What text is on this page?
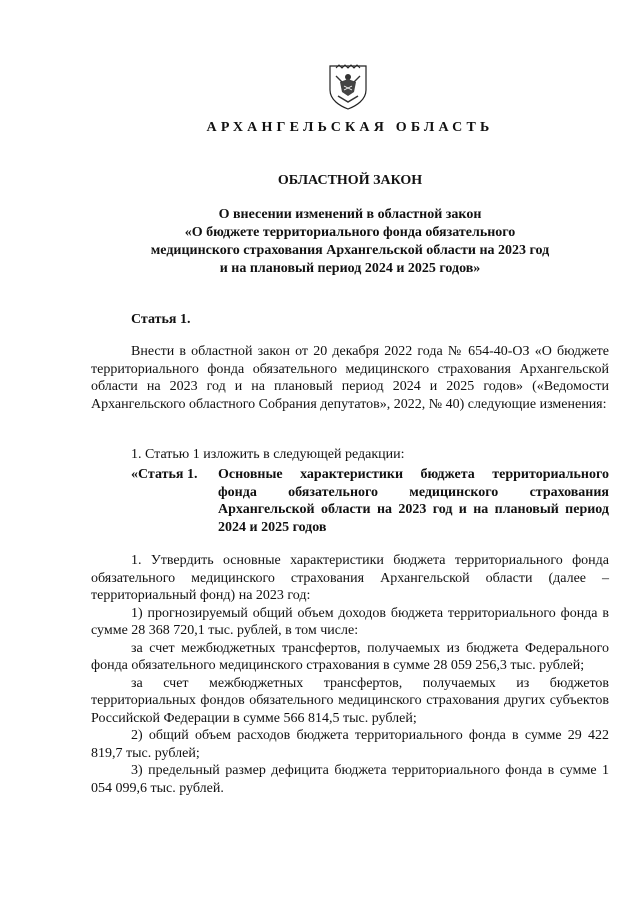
АРХАНГЕЛЬСКАЯ ОБЛАСТЬ
ОБЛАСТНОЙ ЗАКОН
О внесении изменений в областной закон
«О бюджете территориального фонда обязательного
медицинского страхования Архангельской области на 2023 год
и на плановый период 2024 и 2025 годов»
Статья 1.

Внести в областной закон от 20 декабря 2022 года № 654-40-ОЗ «О бюджете территориального фонда обязательного медицинского страхования Архангельской области на 2023 год и на плановый период 2024 и 2025 годов» («Ведомости Архангельского областного Собрания депутатов», 2022, № 40) следующие изменения:

1. Статью 1 изложить в следующей редакции:
«Статья 1. Основные характеристики бюджета территориального фонда обязательного медицинского страхования Архангельской области на 2023 год и на плановый период 2024 и 2025 годов

1. Утвердить основные характеристики бюджета территориального фонда обязательного медицинского страхования Архангельской области (далее – территориальный фонд) на 2023 год:

1) прогнозируемый общий объем доходов бюджета территориального фонда в сумме 28 368 720,1 тыс. рублей, в том числе:

за счет межбюджетных трансфертов, получаемых из бюджета Федерального фонда обязательного медицинского страхования в сумме 28 059 256,3 тыс. рублей;

за счет межбюджетных трансфертов, получаемых из бюджетов территориальных фондов обязательного медицинского страхования других субъектов Российской Федерации в сумме 566 814,5 тыс. рублей;

2) общий объем расходов бюджета территориального фонда в сумме 29 422 819,7 тыс. рублей;

3) предельный размер дефицита бюджета территориального фонда в сумме 1 054 099,6 тыс. рублей.
